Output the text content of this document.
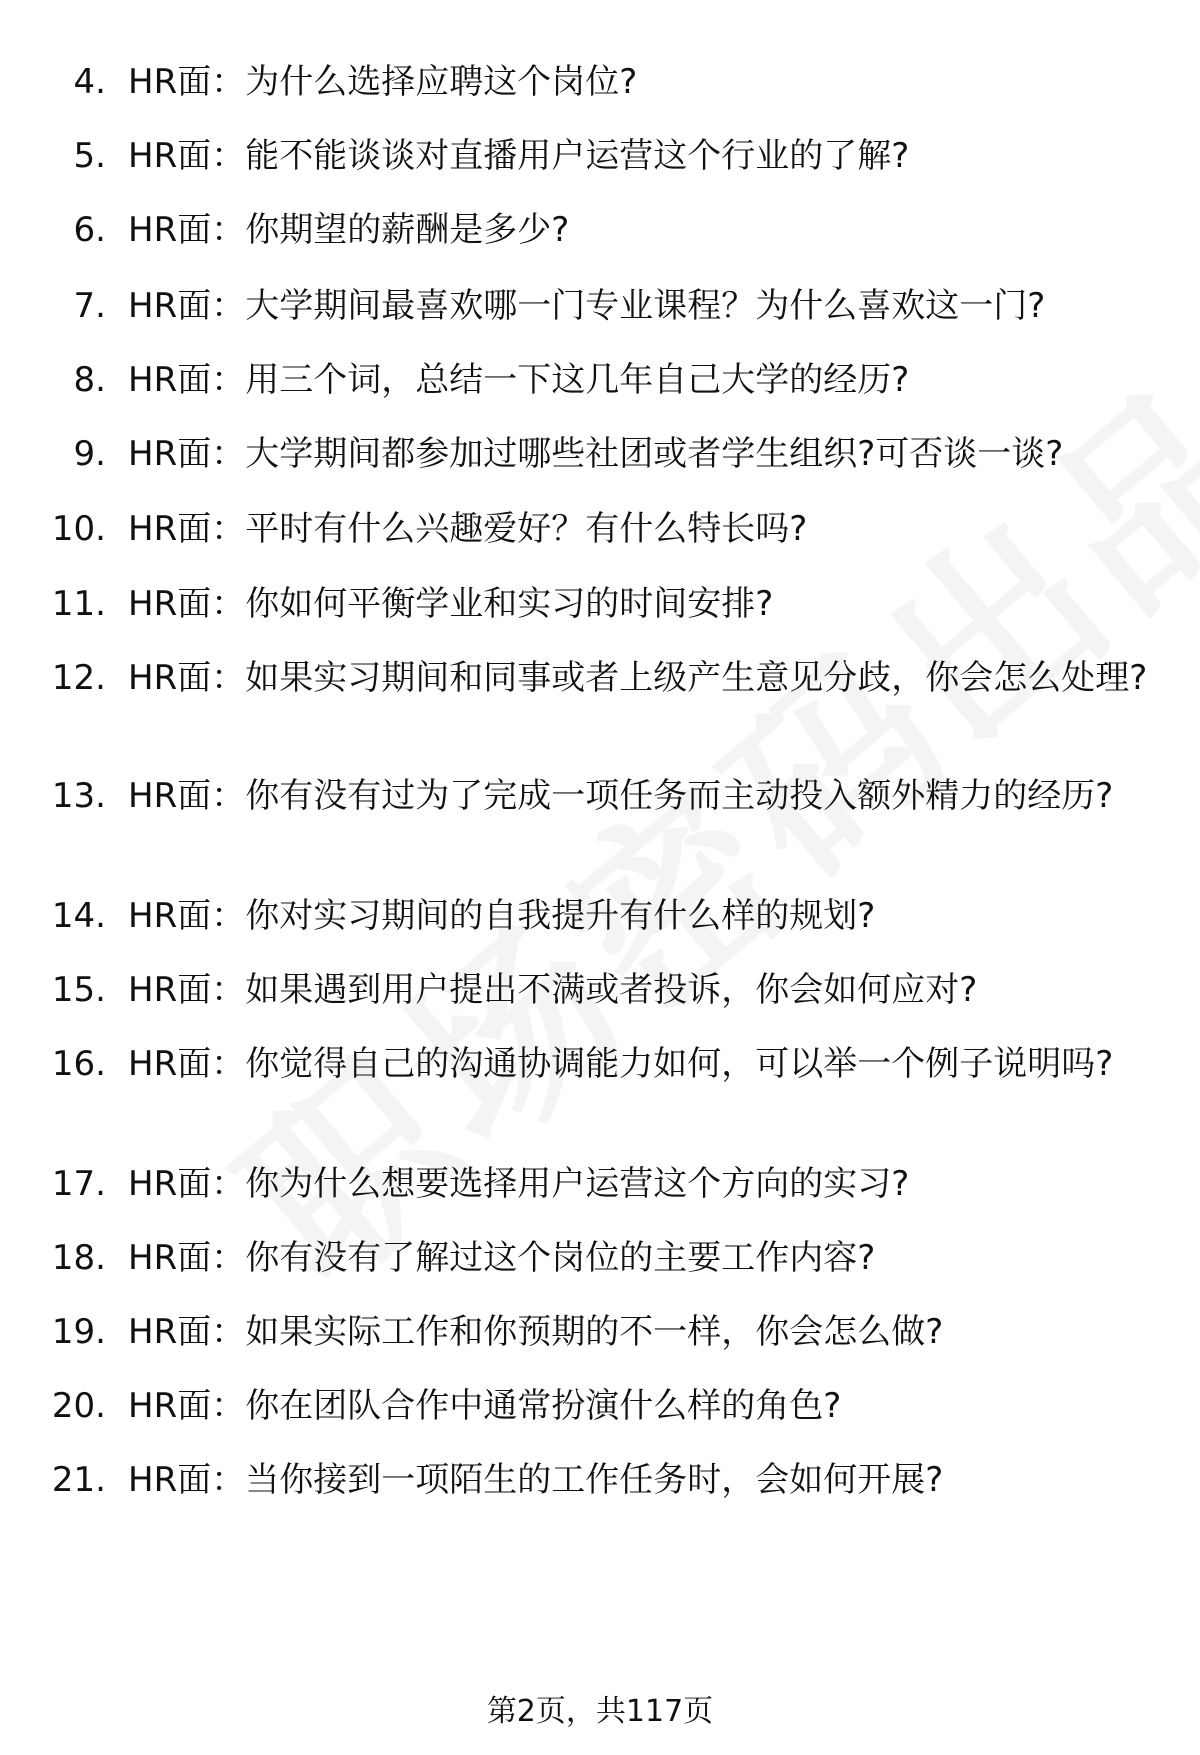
4. HR面：为什么选择应聘这个岗位?
5. HR面：能不能谈谈对直播用户运营这个行业的了解?
6. HR面：你期望的薪酬是多少?
7. HR面：大学期间最喜欢哪一门专业课程？为什么喜欢这一门?
8. HR面：用三个词，总结一下这几年自己大学的经历?
9. HR面：大学期间都参加过哪些社团或者学生组织?可否谈一谈?
10. HR面：平时有什么兴趣爱好？有什么特长吗?
11. HR面：你如何平衡学业和实习的时间安排?
12. HR面：如果实习期间和同事或者上级产生意见分歧，你会怎么处理?
13. HR面：你有没有过为了完成一项任务而主动投入额外精力的经历?
14. HR面：你对实习期间的自我提升有什么样的规划?
15. HR面：如果遇到用户提出不满或者投诉，你会如何应对?
16. HR面：你觉得自己的沟通协调能力如何，可以举一个例子说明吗?
17. HR面：你为什么想要选择用户运营这个方向的实习?
18. HR面：你有没有了解过这个岗位的主要工作内容?
19. HR面：如果实际工作和你预期的不一样，你会怎么做?
20. HR面：你在团队合作中通常扮演什么样的角色?
21. HR面：当你接到一项陌生的工作任务时，会如何开展?
第2页，共117页
